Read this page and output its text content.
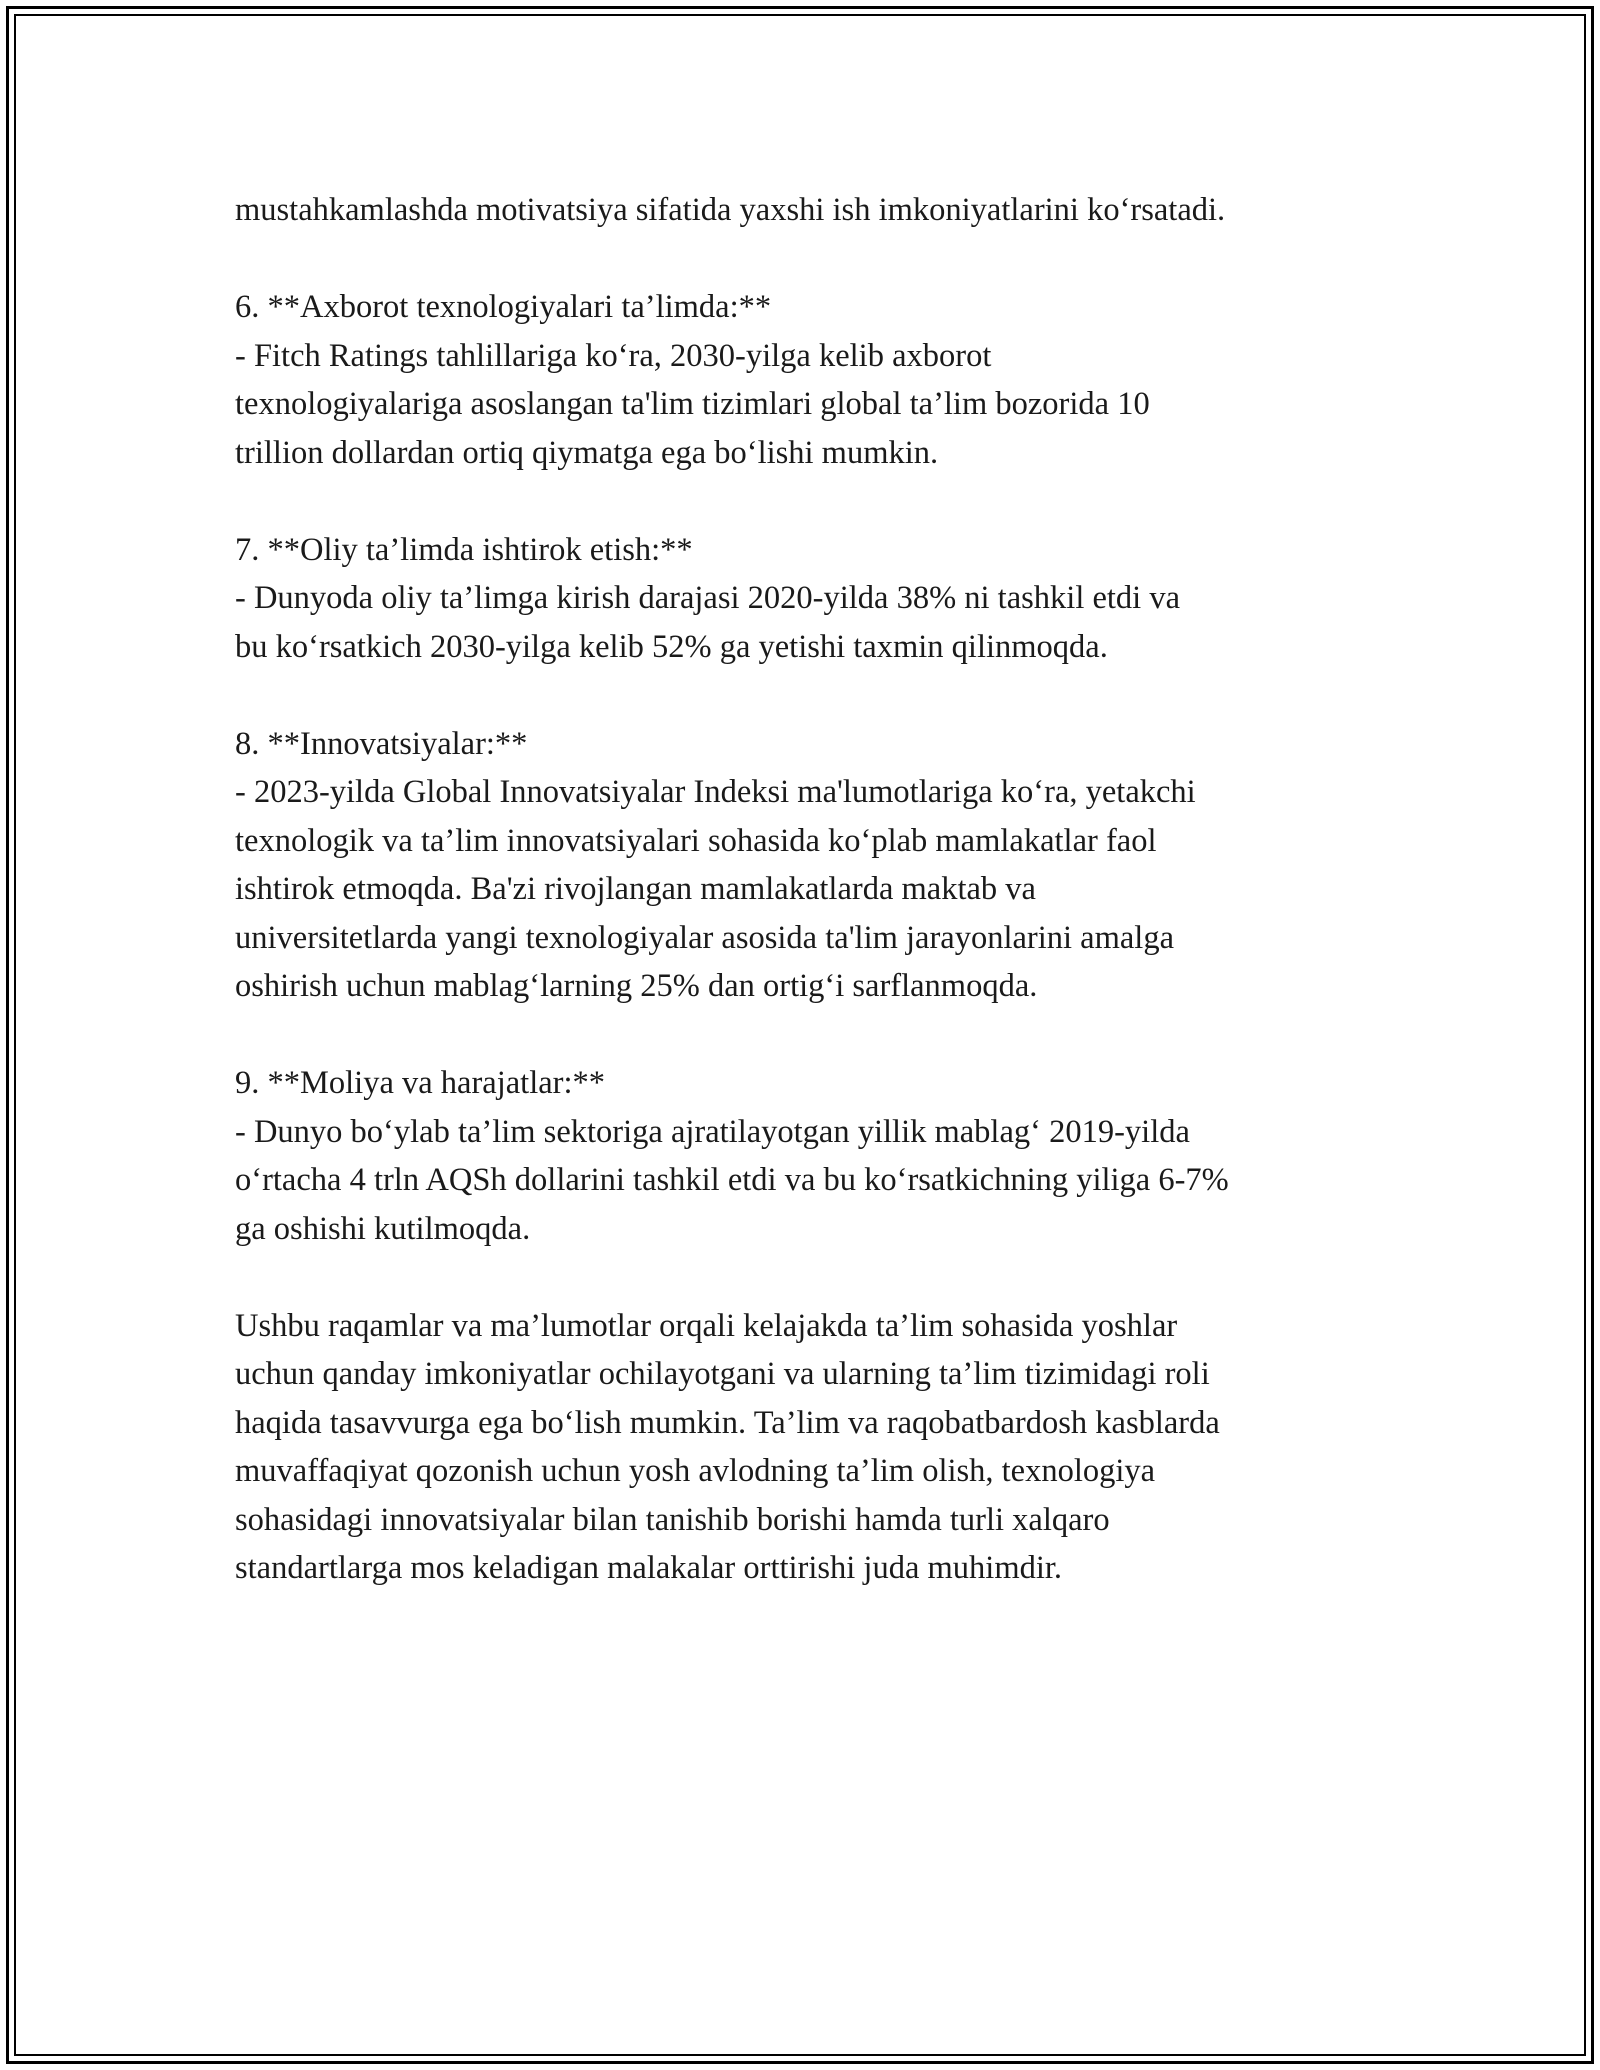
mustahkamlashda motivatsiya sifatida yaxshi ish imkoniyatlarini ko‘rsatadi.

6. **Axborot texnologiyalari ta’limda:**

- Fitch Ratings tahlillariga ko‘ra, 2030-yilga kelib axborot

texnologiyalariga asoslangan ta'lim tizimlari global ta’lim bozorida 10

trillion dollardan ortiq qiymatga ega bo‘lishi mumkin.

7. **Oliy ta’limda ishtirok etish:**

- Dunyoda oliy ta’limga kirish darajasi 2020-yilda 38% ni tashkil etdi va

bu ko‘rsatkich 2030-yilga kelib 52% ga yetishi taxmin qilinmoqda.

8. **Innovatsiyalar:**

- 2023-yilda Global Innovatsiyalar Indeksi ma'lumotlariga ko‘ra, yetakchi

texnologik va ta’lim innovatsiyalari sohasida ko‘plab mamlakatlar faol

ishtirok etmoqda. Ba'zi rivojlangan mamlakatlarda maktab va

universitetlarda yangi texnologiyalar asosida ta'lim jarayonlarini amalga

oshirish uchun mablag‘larning 25% dan ortig‘i sarflanmoqda.

9. **Moliya va harajatlar:**

- Dunyo bo‘ylab ta’lim sektoriga ajratilayotgan yillik mablag‘ 2019-yilda

o‘rtacha 4 trln AQSh dollarini tashkil etdi va bu ko‘rsatkichning yiliga 6-7%

ga oshishi kutilmoqda.

Ushbu raqamlar va ma’lumotlar orqali kelajakda ta’lim sohasida yoshlar

uchun qanday imkoniyatlar ochilayotgani va ularning ta’lim tizimidagi roli

haqida tasavvurga ega bo‘lish mumkin. Ta’lim va raqobatbardosh kasblarda

muvaffaqiyat qozonish uchun yosh avlodning ta’lim olish, texnologiya

sohasidagi innovatsiyalar bilan tanishib borishi hamda turli xalqaro

standartlarga mos keladigan malakalar orttirishi juda muhimdir.
